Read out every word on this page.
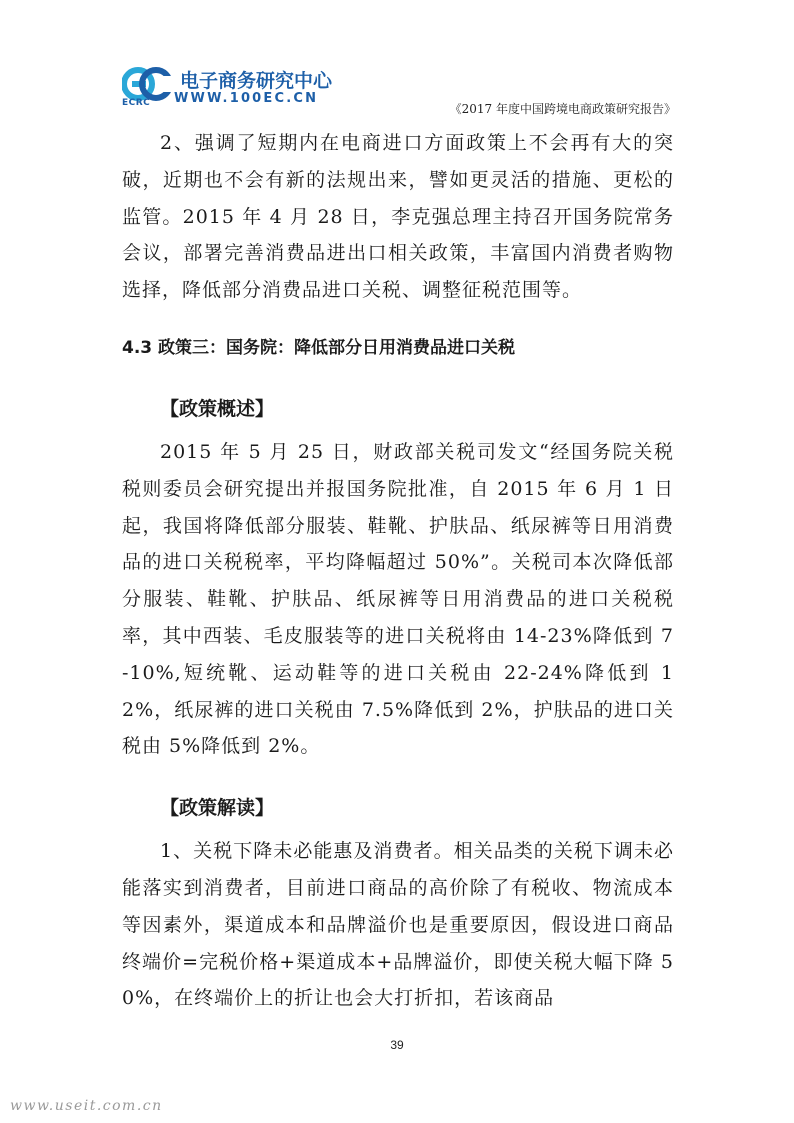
电子商务研究中心
ECRC WWW.100EC.CN
《2017 年度中国跨境电商政策研究报告》

2、强调了短期内在电商进口方面政策上不会再有大的突破，近期也不会有新的法规出来，譬如更灵活的措施、更松的监管。2015 年 4 月 28 日，李克强总理主持召开国务院常务会议，部署完善消费品进出口相关政策，丰富国内消费者购物选择，降低部分消费品进口关税、调整征税范围等。

4.3 政策三：国务院：降低部分日用消费品进口关税
【政策概述】

2015 年 5 月 25 日，财政部关税司发文“经国务院关税税则委员会研究提出并报国务院批准，自 2015 年 6 月 1 日起，我国将降低部分服装、鞋靴、护肤品、纸尿裤等日用消费品的进口关税税率，平均降幅超过 50%”。关税司本次降低部分服装、鞋靴、护肤品、纸尿裤等日用消费品的进口关税税率，其中西装、毛皮服装等的进口关税将由 14-23%降低到 7-10%,短统靴、运动鞋等的进口关税由 22-24%降低到 12%，纸尿裤的进口关税由 7.5%降低到 2%，护肤品的进口关税由 5%降低到 2%。

【政策解读】

1、关税下降未必能惠及消费者。相关品类的关税下调未必能落实到消费者，目前进口商品的高价除了有税收、物流成本等因素外，渠道成本和品牌溢价也是重要原因，假设进口商品终端价=完税价格+渠道成本+品牌溢价，即使关税大幅下降 50%，在终端价上的折让也会大打折扣，若该商品

39
www.useit.com.cn
